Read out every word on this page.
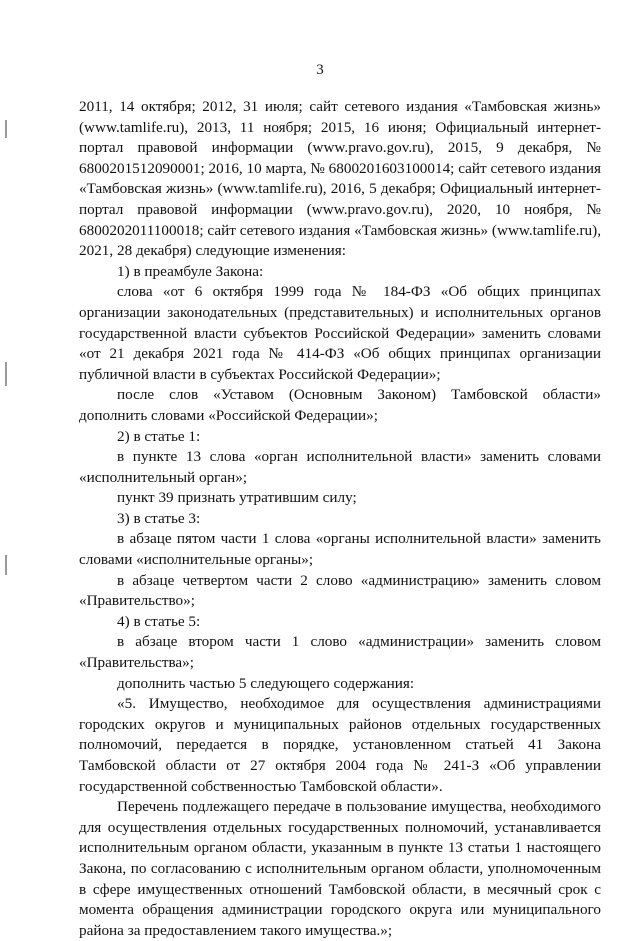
3

2011, 14 октября; 2012, 31 июля; сайт сетевого издания «Тамбовская жизнь» (www.tamlife.ru), 2013, 11 ноября; 2015, 16 июня; Официальный интернет-портал правовой информации (www.pravo.gov.ru), 2015, 9 декабря, № 6800201512090001; 2016, 10 марта, № 6800201603100014; сайт сетевого издания «Тамбовская жизнь» (www.tamlife.ru), 2016, 5 декабря; Официальный интернет-портал правовой информации (www.pravo.gov.ru), 2020, 10 ноября, № 6800202011100018; сайт сетевого издания «Тамбовская жизнь» (www.tamlife.ru), 2021, 28 декабря) следующие изменения:

1) в преамбуле Закона:

слова «от 6 октября 1999 года № 184-ФЗ «Об общих принципах организации законодательных (представительных) и исполнительных органов государственной власти субъектов Российской Федерации» заменить словами «от 21 декабря 2021 года № 414-ФЗ «Об общих принципах организации публичной власти в субъектах Российской Федерации»;

после слов «Уставом (Основным Законом) Тамбовской области» дополнить словами «Российской Федерации»;

2) в статье 1:

в пункте 13 слова «орган исполнительной власти» заменить словами «исполнительный орган»;

пункт 39 признать утратившим силу;

3) в статье 3:

в абзаце пятом части 1 слова «органы исполнительной власти» заменить словами «исполнительные органы»;

в абзаце четвертом части 2 слово «администрацию» заменить словом «Правительство»;

4) в статье 5:

в абзаце втором части 1 слово «администрации» заменить словом «Правительства»;

дополнить частью 5 следующего содержания:

«5. Имущество, необходимое для осуществления администрациями городских округов и муниципальных районов отдельных государственных полномочий, передается в порядке, установленном статьей 41 Закона Тамбовской области от 27 октября 2004 года № 241-З «Об управлении государственной собственностью Тамбовской области».

Перечень подлежащего передаче в пользование имущества, необходимого для осуществления отдельных государственных полномочий, устанавливается исполнительным органом области, указанным в пункте 13 статьи 1 настоящего Закона, по согласованию с исполнительным органом области, уполномоченным в сфере имущественных отношений Тамбовской области, в месячный срок с момента обращения администрации городского округа или муниципального района за предоставлением такого имущества.»;
